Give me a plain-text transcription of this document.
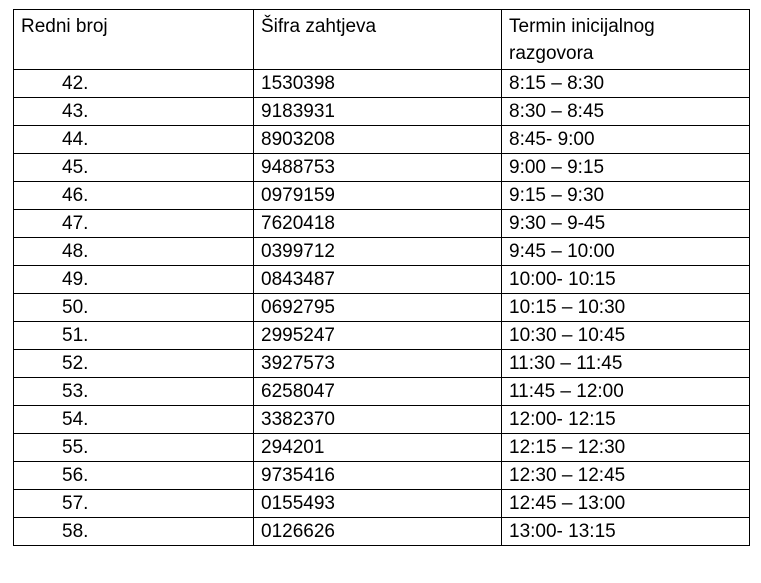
Redni broj	Šifra zahtjeva	Termin inicijalnog
razgovora

42.	1530398	8:15 – 8:30
43.	9183931	8:30 – 8:45
44.	8903208	8:45- 9:00
45.	9488753	9:00 – 9:15
46.	0979159	9:15 – 9:30
47.	7620418	9:30 – 9-45
48.	0399712	9:45 – 10:00
49.	0843487	10:00- 10:15
50.	0692795	10:15 – 10:30
51.	2995247	10:30 – 10:45
52.	3927573	11:30 – 11:45
53.	6258047	11:45 – 12:00
54.	3382370	12:00- 12:15
55.	294201	12:15 – 12:30
56.	9735416	12:30 – 12:45
57.	0155493	12:45 – 13:00
58.	0126626	13:00- 13:15
